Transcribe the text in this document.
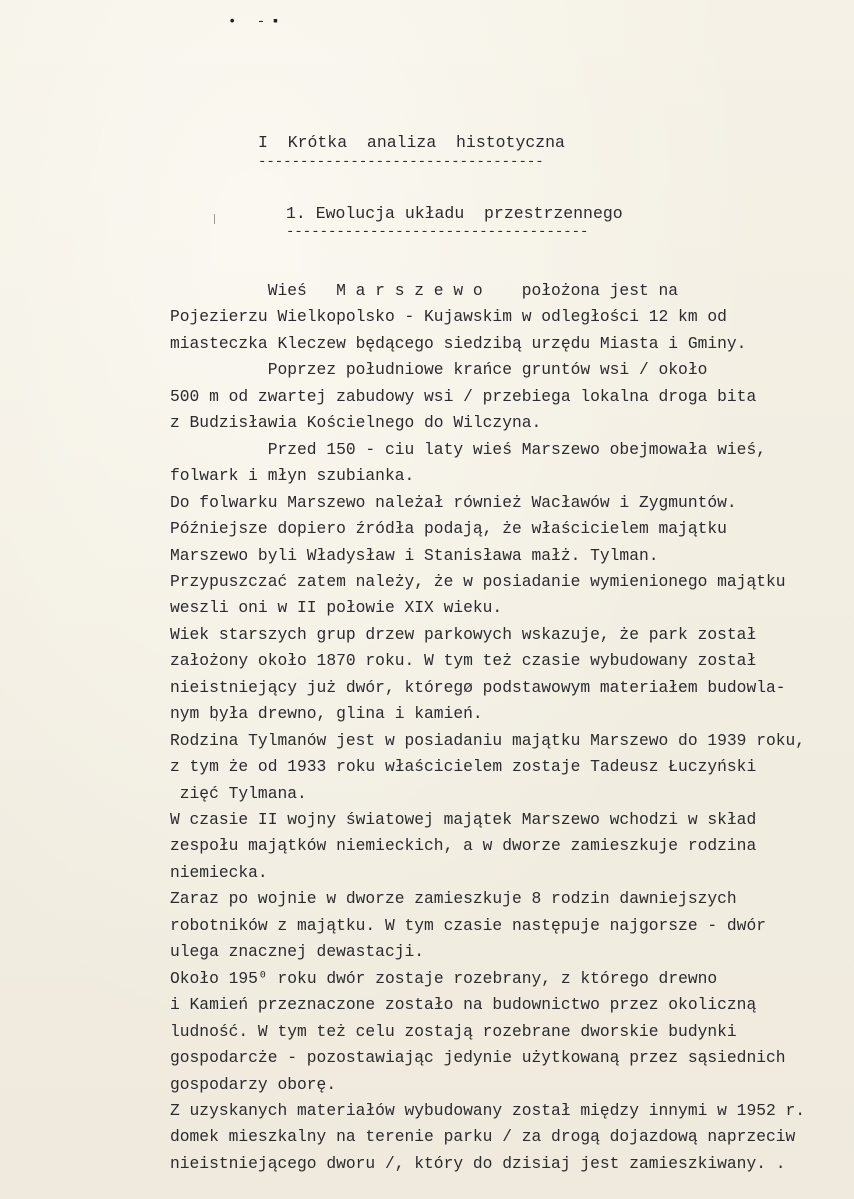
• ‐▪
I  Krótka  analiza  histotyczna
----------------------------------
1. Ewolucja układu  przestrzennego
------------------------------------
Wieś   M a r s z e w o    położona jest na
Pojezierzu Wielkopolsko - Kujawskim w odległości 12 km od
miasteczka Kleczew będącego siedzibą urzędu Miasta i Gminy.
Poprzez południowe krańce gruntów wsi / około
500 m od zwartej zabudowy wsi / przebiega lokalna droga bita
z Budzisławia Kościelnego do Wilczyna.
Przed 150 - ciu laty wieś Marszewo obejmowała wieś,
folwark i młyn szubianka.
Do folwarku Marszewo należał również Wacławów i Zygmuntów.
Późniejsze dopiero źródła podają, że właścicielem majątku
Marszewo byli Władysław i Stanisława małż. Tylman.
Przypuszczać zatem należy, że w posiadanie wymienionego majątku
weszli oni w II połowie XIX wieku.
Wiek starszych grup drzew parkowych wskazuje, że park został
założony około 1870 roku. W tym też czasie wybudowany został
nieistniejący już dwór, któregø podstawowym materiałem budowla-
nym była drewno, glina i kamień.
Rodzina Tylmanów jest w posiadaniu majątku Marszewo do 1939 roku,
z tym że od 1933 roku właścicielem zostaje Tadeusz Łuczyński
zięć Tylmana.
W czasie II wojny światowej majątek Marszewo wchodzi w skład
zespołu majątków niemieckich, a w dworze zamieszkuje rodzina
niemiecka.
Zaraz po wojnie w dworze zamieszkuje 8 rodzin dawniejszych
robotników z majątku. W tym czasie następuje najgorsze - dwór
ulega znacznej dewastacji.
Około 195⁰ roku dwór zostaje rozebrany, z którego drewno
i Kamień przeznaczone zostało na budownictwo przez okoliczną
ludność. W tym też celu zostają rozebrane dworskie budynki
gospodarcże - pozostawiając jedynie użytkowaną przez sąsiednich
gospodarzy oborę.
Z uzyskanych materiałów wybudowany został między innymi w 1952 r.
domek mieszkalny na terenie parku / za drogą dojazdową naprzeciw
nieistniejącego dworu /, który do dzisiaj jest zamieszkiwany. .
